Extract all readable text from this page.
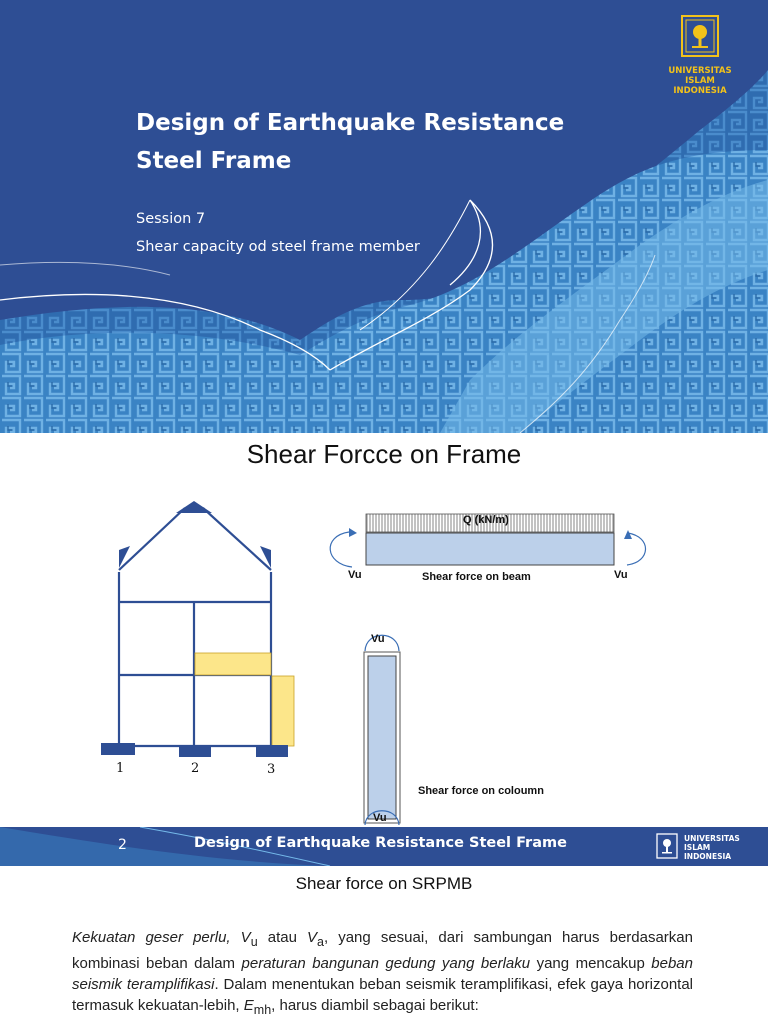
Design of Earthquake Resistance
Steel Frame
Session 7
Shear capacity od steel frame member
UNIVERSITAS
ISLAM
INDONESIA
Shear Forcce on Frame
Q (kN/m)
Vu	Vu
Shear force on beam
Vu
Vu
Shear force on coloumn
1	2	3
2	Design of Earthquake Resistance Steel Frame	UNIVERSITAS
ISLAM
INDONESIA
Shear force on SRPMB

Kekuatan geser perlu, $V_u$ atau $V_a$, yang sesuai, dari sambungan harus berdasarkan kombinasi beban dalam peraturan bangunan gedung yang berlaku yang mencakup beban seismik teramplifikasi. Dalam menentukan beban seismik teramplifikasi, efek gaya horizontal termasuk kekuatan-lebih, $E_{mh}$, harus diambil sebagai berikut:
